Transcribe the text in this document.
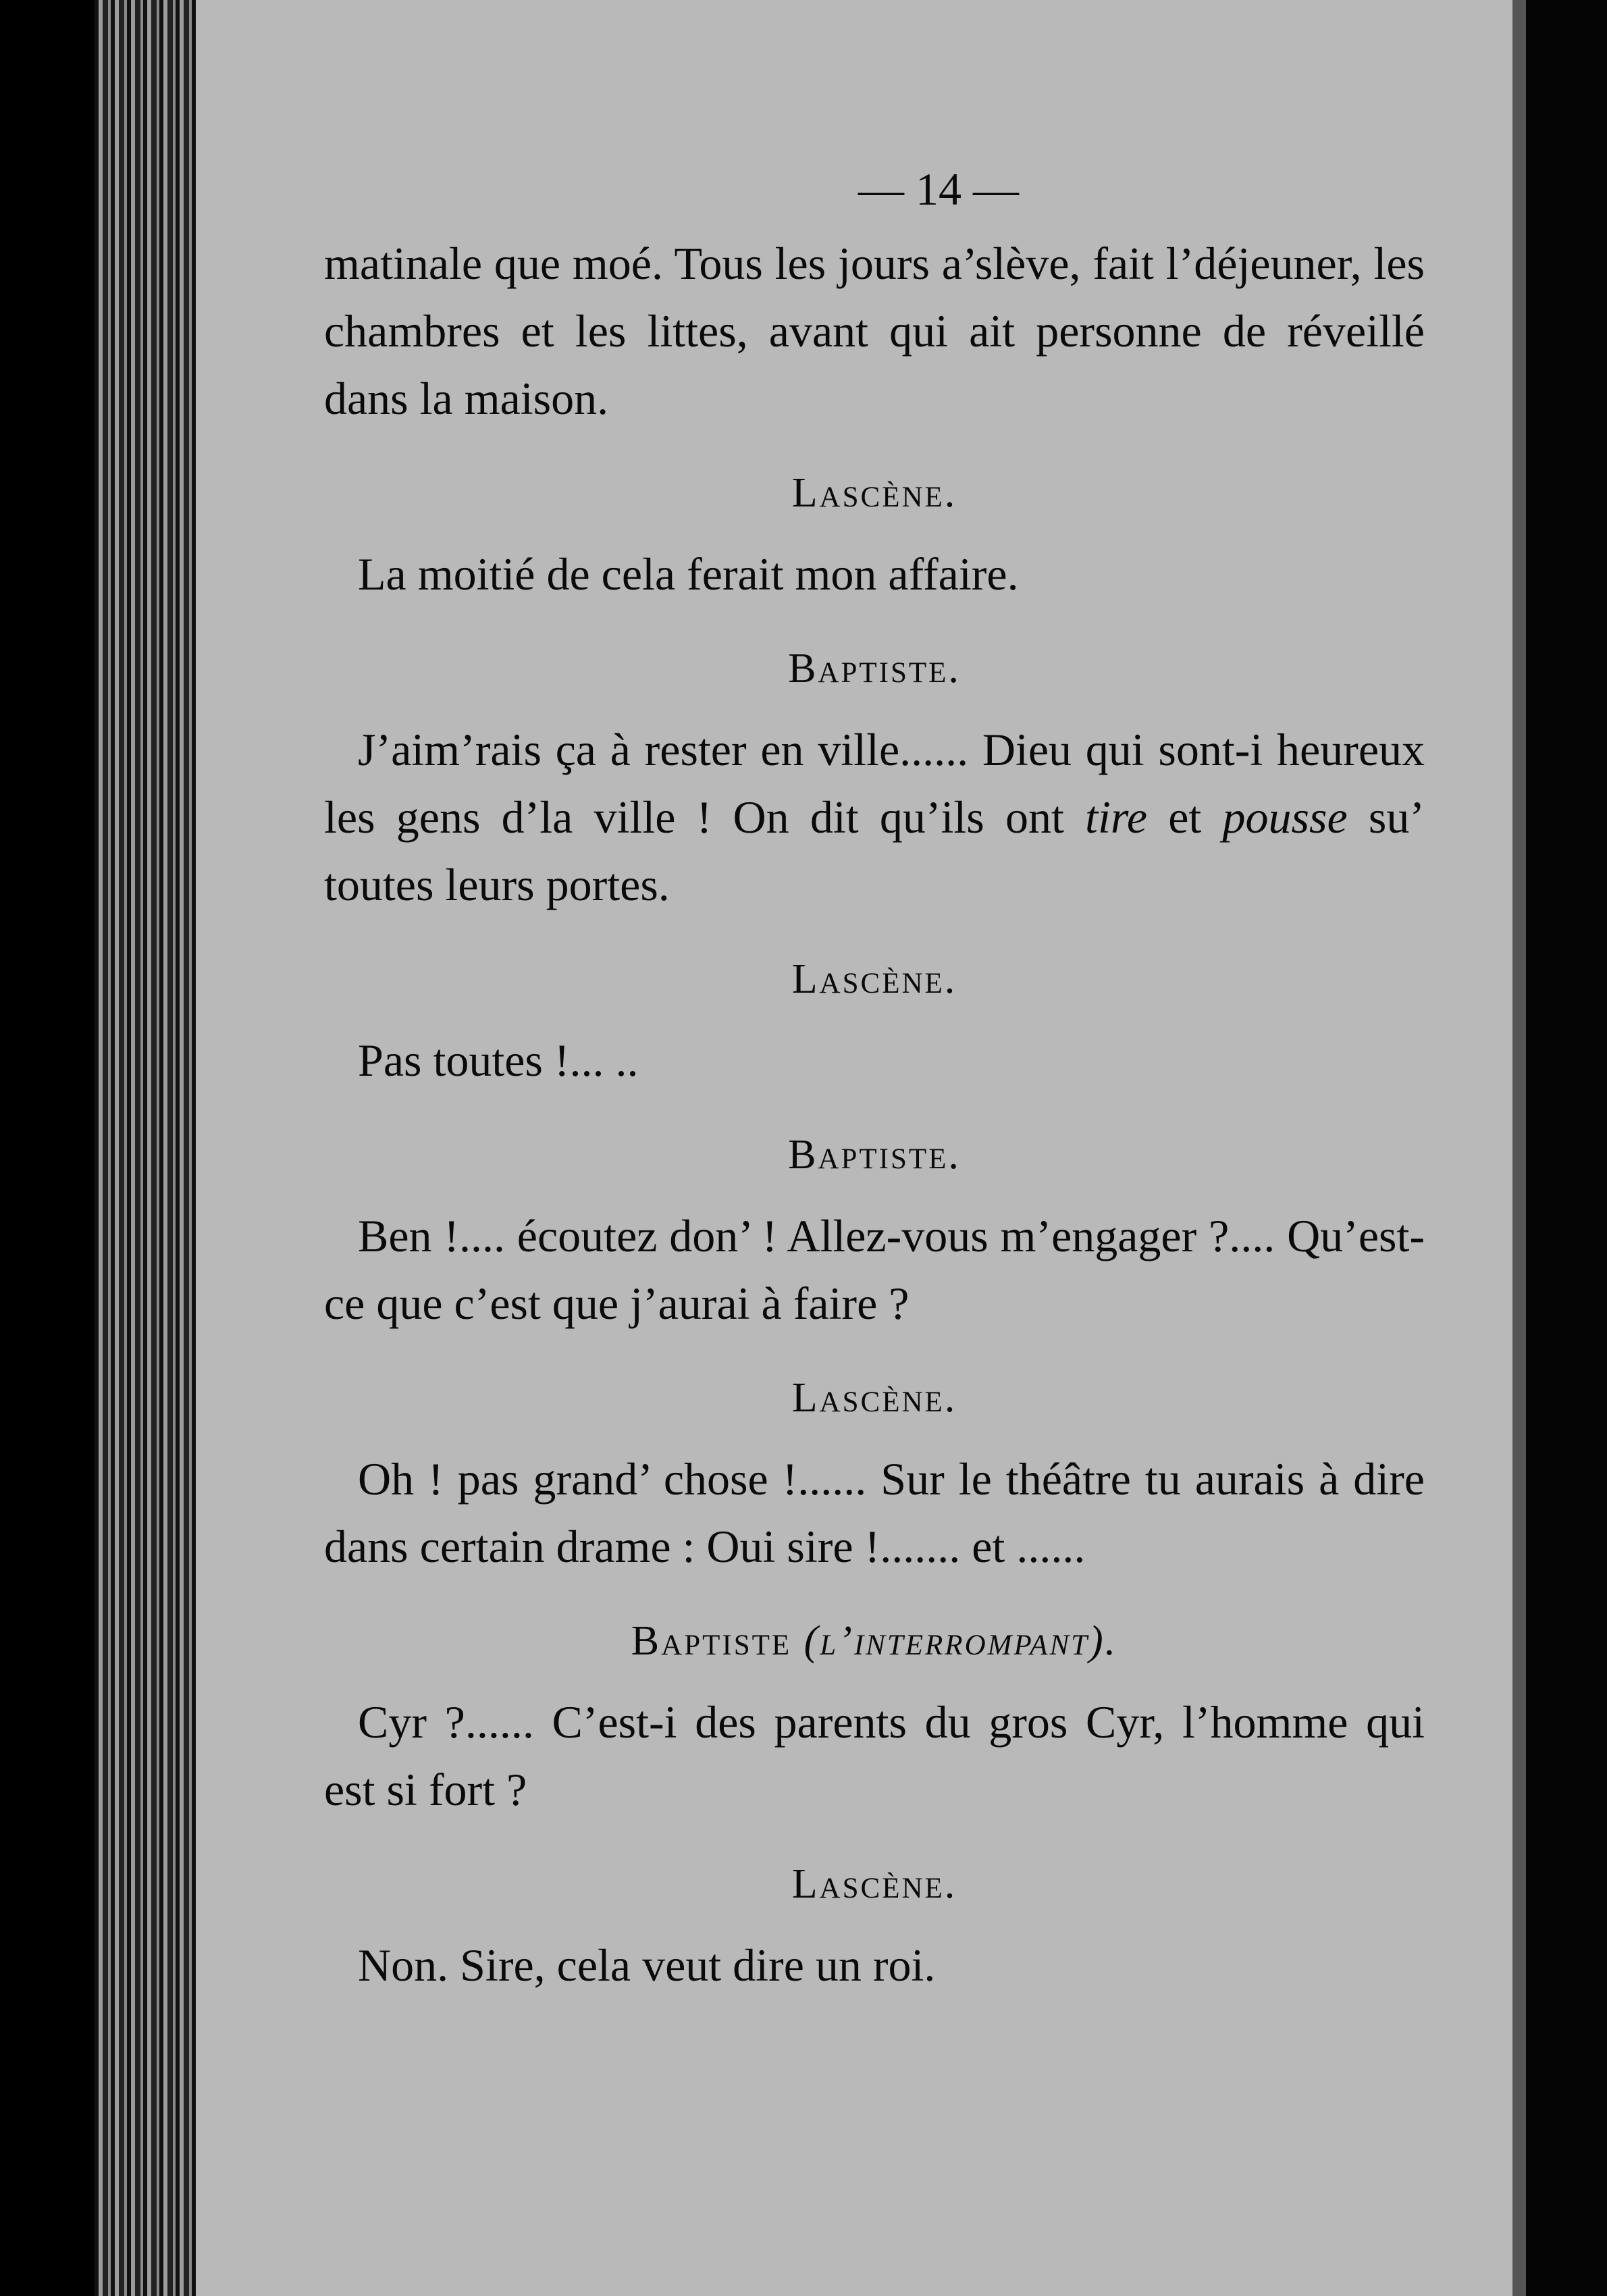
— 14 —

matinale que moé. Tous les jours a’slève, fait l’déjeuner, les chambres et les littes, avant qui ait personne de réveillé dans la maison.

Lascène.

La moitié de cela ferait mon affaire.

Baptiste.

J’aim’rais ça à rester en ville...... Dieu qui sont-i heureux les gens d’la ville ! On dit qu’ils ont tire et pousse su’ toutes leurs portes.

Lascène.

Pas toutes !... ..

Baptiste.

Ben !.... écoutez don’ ! Allez-vous m’engager ?.... Qu’est-ce que c’est que j’aurai à faire ?

Lascène.

Oh ! pas grand’ chose !...... Sur le théâtre tu aurais à dire dans certain drame : Oui sire !....... et ......

Baptiste (l’interrompant).

Cyr ?...... C’est-i des parents du gros Cyr, l’homme qui est si fort ?

Lascène.

Non. Sire, cela veut dire un roi.
